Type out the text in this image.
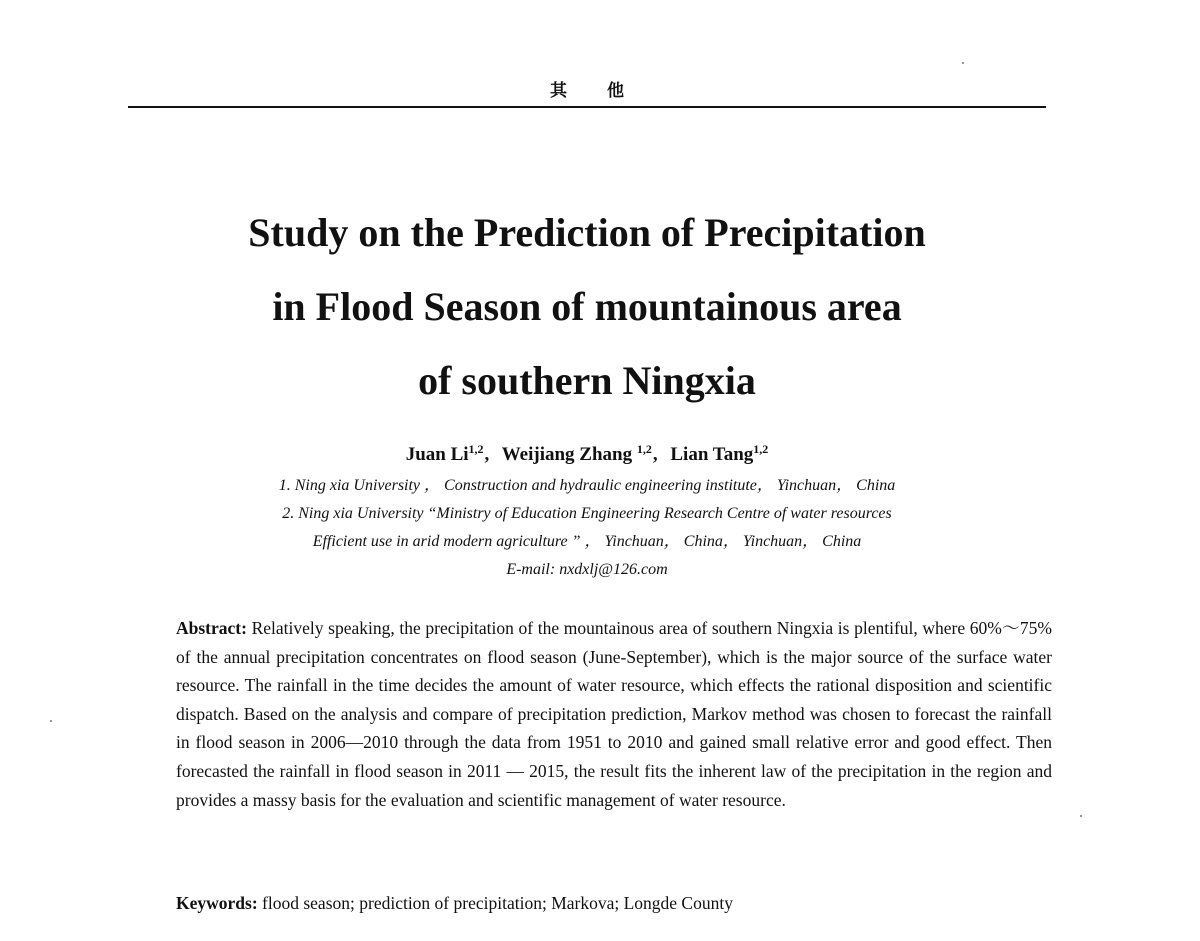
其他
Study on the Prediction of Precipitation
in Flood Season of mountainous area
of southern Ningxia
Juan Li$^{1,2}$, Weijiang Zhang $^{1,2}$, Lian Tang$^{1,2}$
1. Ning xia University ， Construction and hydraulic engineering institute， Yinchuan， China
2. Ning xia University “Ministry of Education Engineering Research Centre of water resources
Efficient use in arid modern agriculture ” ， Yinchuan， China， Yinchuan， China
E-mail: nxdxlj@126.com
Abstract: Relatively speaking, the precipitation of the mountainous area of southern Ningxia is plentiful, where 60%～75% of the annual precipitation concentrates on flood season (June-September), which is the major source of the surface water resource. The rainfall in the time decides the amount of water resource, which effects the rational disposition and scientific dispatch. Based on the analysis and compare of precipitation prediction, Markov method was chosen to forecast the rainfall in flood season in 2006—2010 through the data from 1951 to 2010 and gained small relative error and good effect. Then forecasted the rainfall in flood season in 2011 — 2015, the result fits the inherent law of the precipitation in the region and provides a massy basis for the evaluation and scientific management of water resource.
Keywords: flood season; prediction of precipitation; Markova; Longde County
